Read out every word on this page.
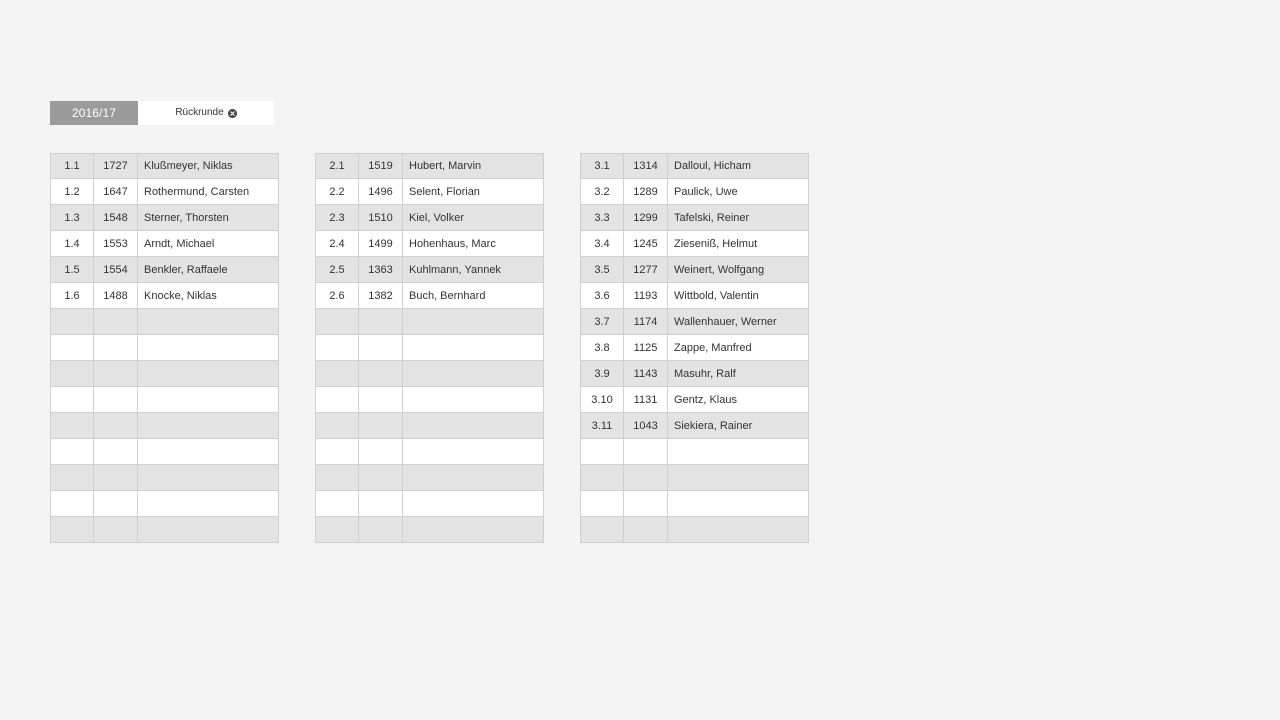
2016/17	Rückrunde
1.1	1727	Klußmeyer, Niklas
1.2	1647	Rothermund, Carsten
1.3	1548	Sterner, Thorsten
1.4	1553	Arndt, Michael
1.5	1554	Benkler, Raffaele
1.6	1488	Knocke, Niklas

2.1	1519	Hubert, Marvin
2.2	1496	Selent, Florian
2.3	1510	Kiel, Volker
2.4	1499	Hohenhaus, Marc
2.5	1363	Kuhlmann, Yannek
2.6	1382	Buch, Bernhard

3.1	1314	Dalloul, Hicham
3.2	1289	Paulick, Uwe
3.3	1299	Tafelski, Reiner
3.4	1245	Zieseniß, Helmut
3.5	1277	Weinert, Wolfgang
3.6	1193	Wittbold, Valentin
3.7	1174	Wallenhauer, Werner
3.8	1125	Zappe, Manfred
3.9	1143	Masuhr, Ralf
3.10	1131	Gentz, Klaus
3.11	1043	Siekiera, Rainer
